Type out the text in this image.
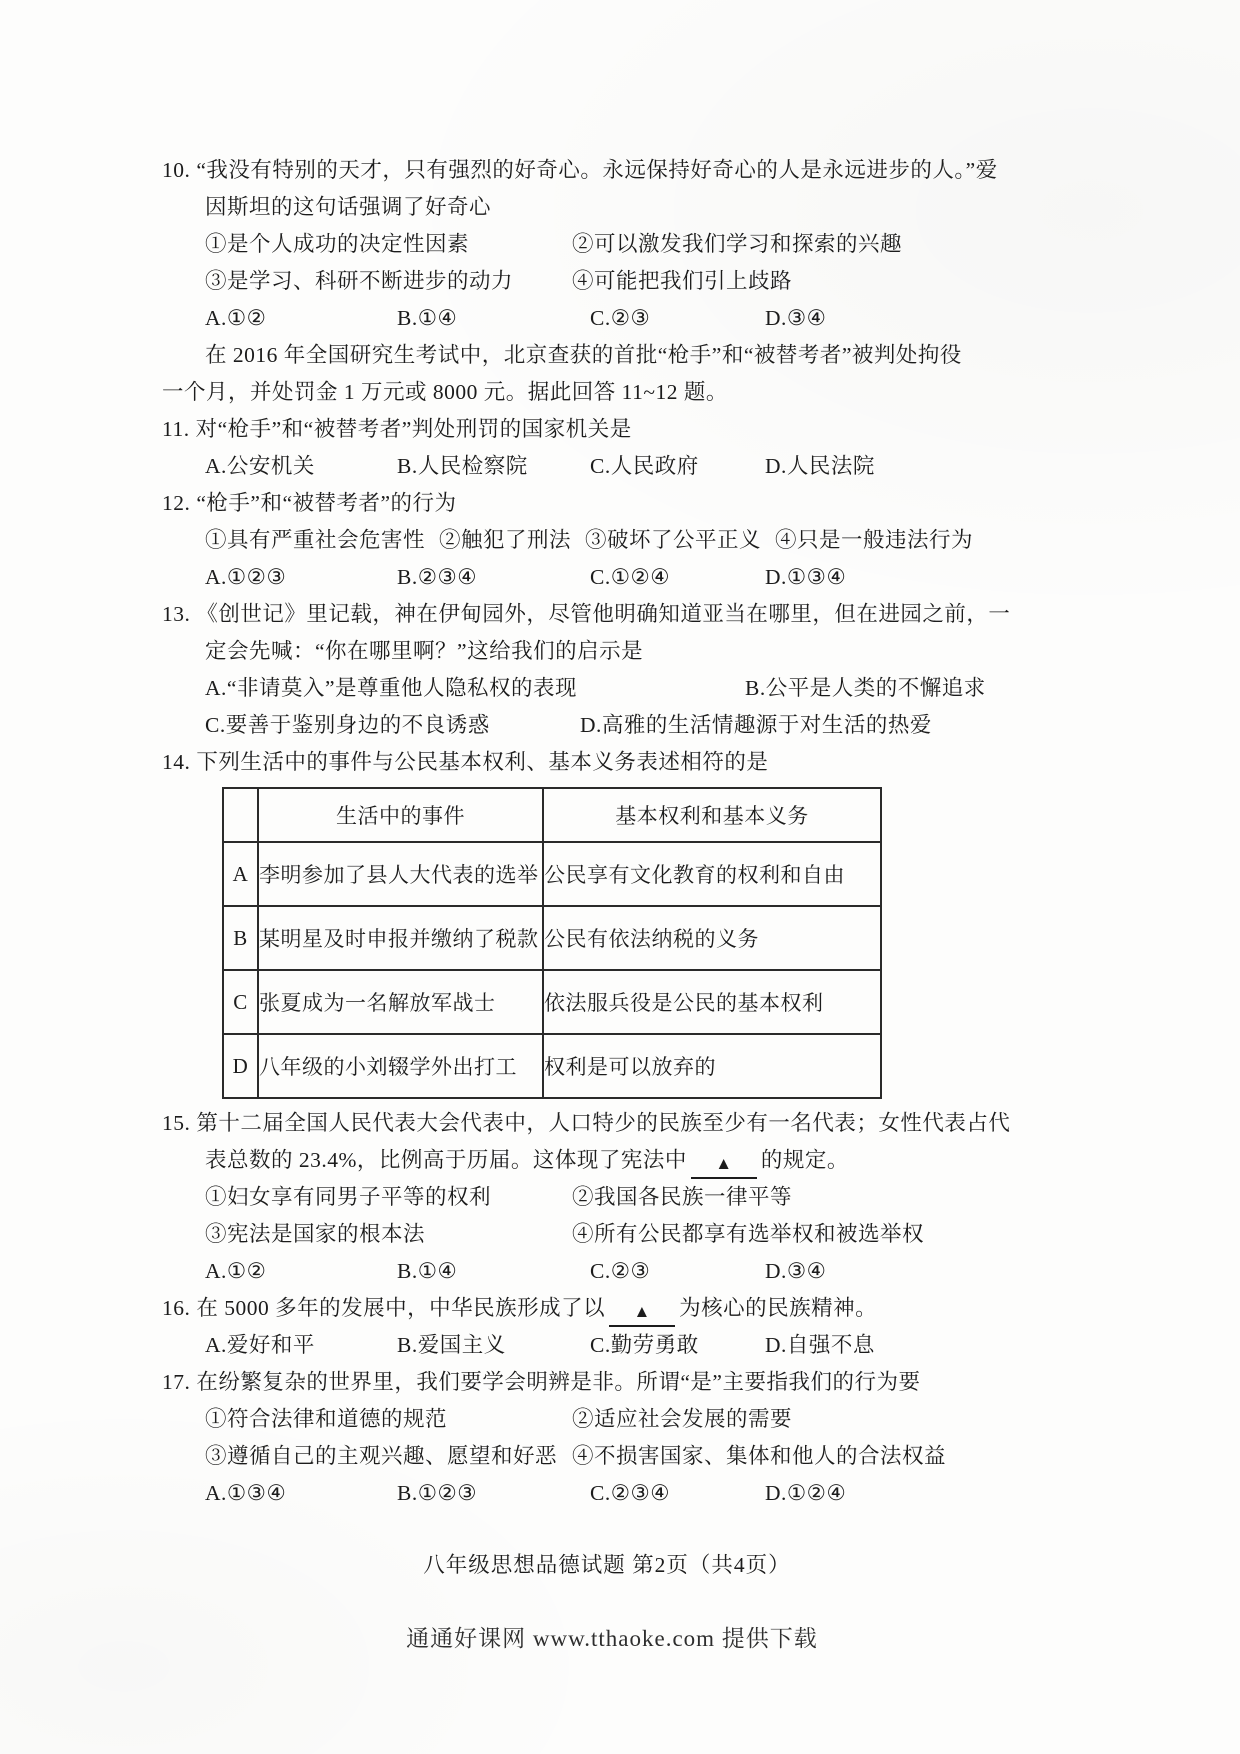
10. “我没有特别的天才，只有强烈的好奇心。永远保持好奇心的人是永远进步的人。”爱
因斯坦的这句话强调了好奇心
①是个人成功的决定性因素	②可以激发我们学习和探索的兴趣
③是学习、科研不断进步的动力	④可能把我们引上歧路
A.①②	B.①④	C.②③	D.③④
在 2016 年全国研究生考试中，北京查获的首批“枪手”和“被替考者”被判处拘役
一个月，并处罚金 1 万元或 8000 元。据此回答 11~12 题。
11. 对“枪手”和“被替考者”判处刑罚的国家机关是
A.公安机关	B.人民检察院	C.人民政府	D.人民法院
12. “枪手”和“被替考者”的行为
①具有严重社会危害性 ②触犯了刑法 ③破坏了公平正义 ④只是一般违法行为
A.①②③	B.②③④	C.①②④	D.①③④
13. 《创世记》里记载，神在伊甸园外，尽管他明确知道亚当在哪里，但在进园之前，一
定会先喊：“你在哪里啊？”这给我们的启示是
A.“非请莫入”是尊重他人隐私权的表现	B.公平是人类的不懈追求
C.要善于鉴别身边的不良诱惑	D.高雅的生活情趣源于对生活的热爱
14. 下列生活中的事件与公民基本权利、基本义务表述相符的是
	生活中的事件	基本权利和基本义务
A	李明参加了县人大代表的选举	公民享有文化教育的权利和自由
B	某明星及时申报并缴纳了税款	公民有依法纳税的义务
C	张夏成为一名解放军战士	依法服兵役是公民的基本权利
D	八年级的小刘辍学外出打工	权利是可以放弃的
15. 第十二届全国人民代表大会代表中，人口特少的民族至少有一名代表；女性代表占代
表总数的 23.4%，比例高于历届。这体现了宪法中 ▲ 的规定。
①妇女享有同男子平等的权利	②我国各民族一律平等
③宪法是国家的根本法	④所有公民都享有选举权和被选举权
A.①②	B.①④	C.②③	D.③④
16. 在 5000 多年的发展中，中华民族形成了以 ▲ 为核心的民族精神。
A.爱好和平	B.爱国主义	C.勤劳勇敢	D.自强不息
17. 在纷繁复杂的世界里，我们要学会明辨是非。所谓“是”主要指我们的行为要
①符合法律和道德的规范	②适应社会发展的需要
③遵循自己的主观兴趣、愿望和好恶 ④不损害国家、集体和他人的合法权益
A.①③④	B.①②③	C.②③④	D.①②④
八年级思想品德试题 第2页（共4页）
通通好课网 www.tthaoke.com 提供下载
